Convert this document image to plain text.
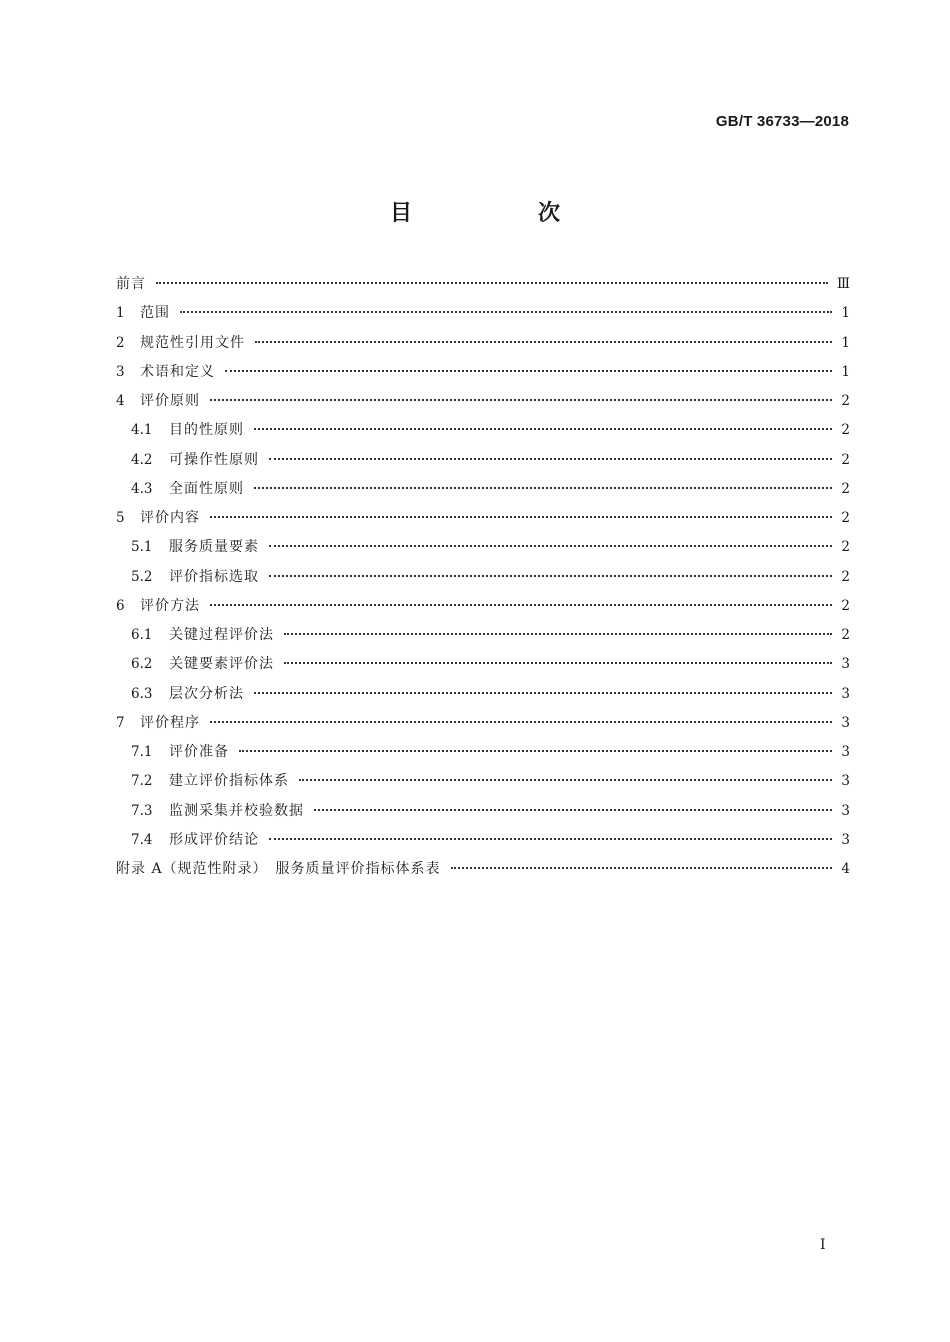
GB/T 36733—2018
目　次
前言	Ⅲ
1	范围	1
2	规范性引用文件	1
3	术语和定义	1
4	评价原则	2
4.1	目的性原则	2
4.2	可操作性原则	2
4.3	全面性原则	2
5	评价内容	2
5.1	服务质量要素	2
5.2	评价指标选取	2
6	评价方法	2
6.1	关键过程评价法	2
6.2	关键要素评价法	3
6.3	层次分析法	3
7	评价程序	3
7.1	评价准备	3
7.2	建立评价指标体系	3
7.3	监测采集并校验数据	3
7.4	形成评价结论	3
附录 A（规范性附录）　服务质量评价指标体系表	4
I
